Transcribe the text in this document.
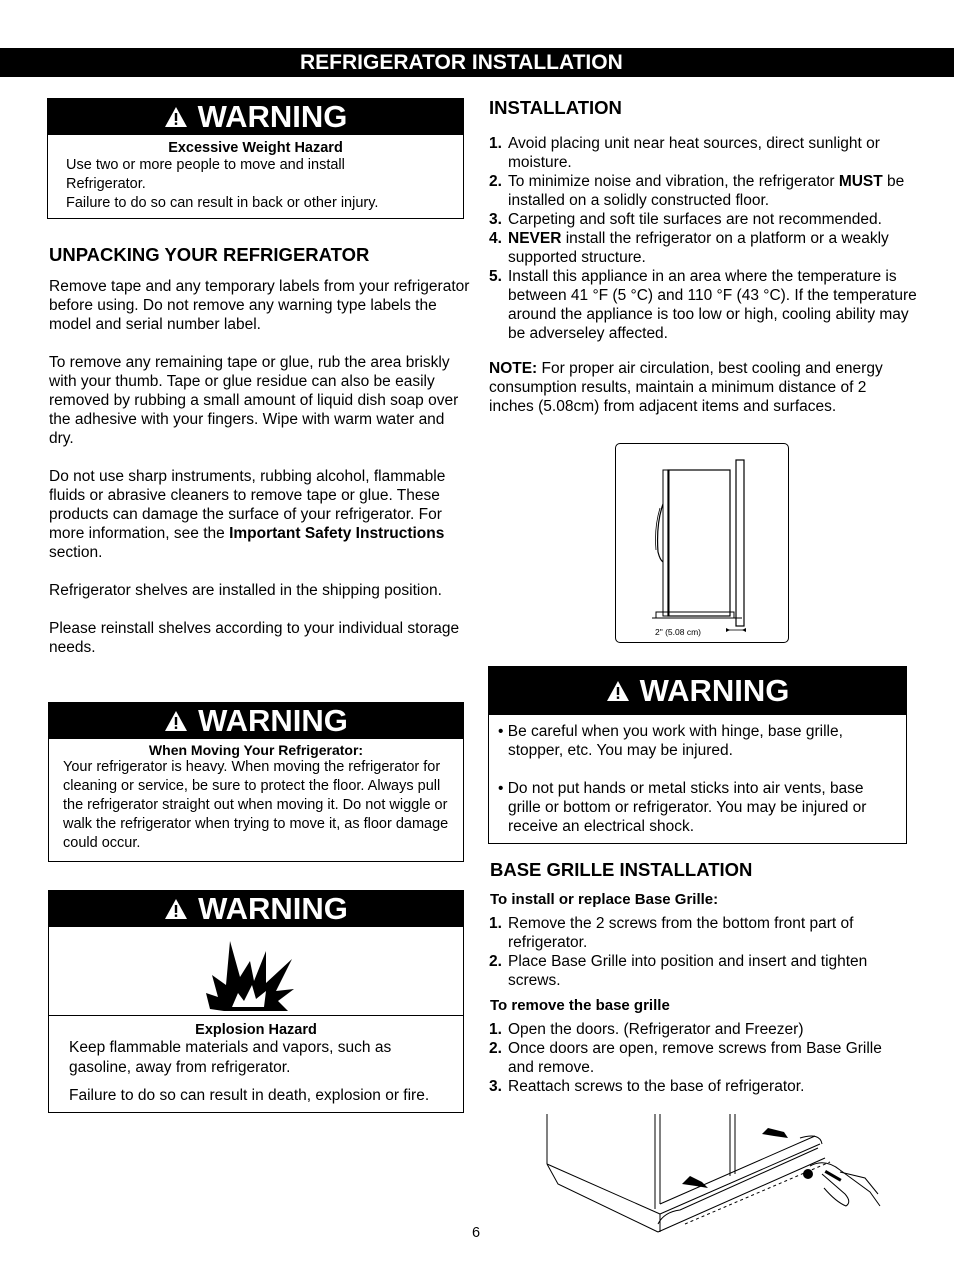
REFRIGERATOR INSTALLATION
WARNING
Excessive Weight Hazard
Use two or more people to move and install
Refrigerator.
Failure to do so can result in back or other injury.
UNPACKING YOUR REFRIGERATOR

Remove tape and any temporary labels from your refrigerator before using. Do not remove any warning type labels the model and serial number label.

To remove any remaining tape or glue, rub the area briskly with your thumb. Tape or glue residue can also be easily removed by rubbing a small amount of liquid dish soap over the adhesive with your fingers. Wipe with warm water and dry.

Do not use sharp instruments, rubbing alcohol, flammable fluids or abrasive cleaners to remove tape or glue. These products can damage the surface of your refrigerator. For more information, see the Important Safety Instructions section.

Refrigerator shelves are installed in the shipping position.

Please reinstall shelves according to your individual storage needs.

WARNING
When Moving Your Refrigerator:
Your refrigerator is heavy. When moving the refrigerator for cleaning or service, be sure to protect the floor. Always pull the refrigerator straight out when moving it. Do not wiggle or walk the refrigerator when trying to move it, as floor damage could occur.
WARNING
Explosion Hazard
Keep flammable materials and vapors, such as gasoline, away from refrigerator.
Failure to do so can result in death, explosion or fire.
INSTALLATION
1. Avoid placing unit near heat sources, direct sunlight or moisture.
2. To minimize noise and vibration, the refrigerator MUST be installed on a solidly constructed floor.
3. Carpeting and soft tile surfaces are not recommended.
4. NEVER install the refrigerator on a platform or a weakly supported structure.
5. Install this appliance in an area where the temperature is between 41 °F (5 °C) and 110 °F (43 °C). If the temperature around the appliance is too low or high, cooling ability may be adverseley affected.

NOTE: For proper air circulation, best cooling and energy consumption results, maintain a minimum distance of 2 inches (5.08cm) from adjacent items and surfaces.

2" (5.08 cm)
WARNING

• Be careful when you work with hinge, base grille, stopper, etc. You may be injured.

• Do not put hands or metal sticks into air vents, base grille or bottom or refrigerator. You may be injured or receive an electrical shock.

BASE GRILLE INSTALLATION
To install or replace Base Grille:
1. Remove the 2 screws from the bottom front part of refrigerator.
2. Place Base Grille into position and insert and tighten screws.
To remove the base grille
1. Open the doors. (Refrigerator and Freezer)
2. Once doors are open, remove screws from Base Grille and remove.
3. Reattach screws to the base of refrigerator.
6
